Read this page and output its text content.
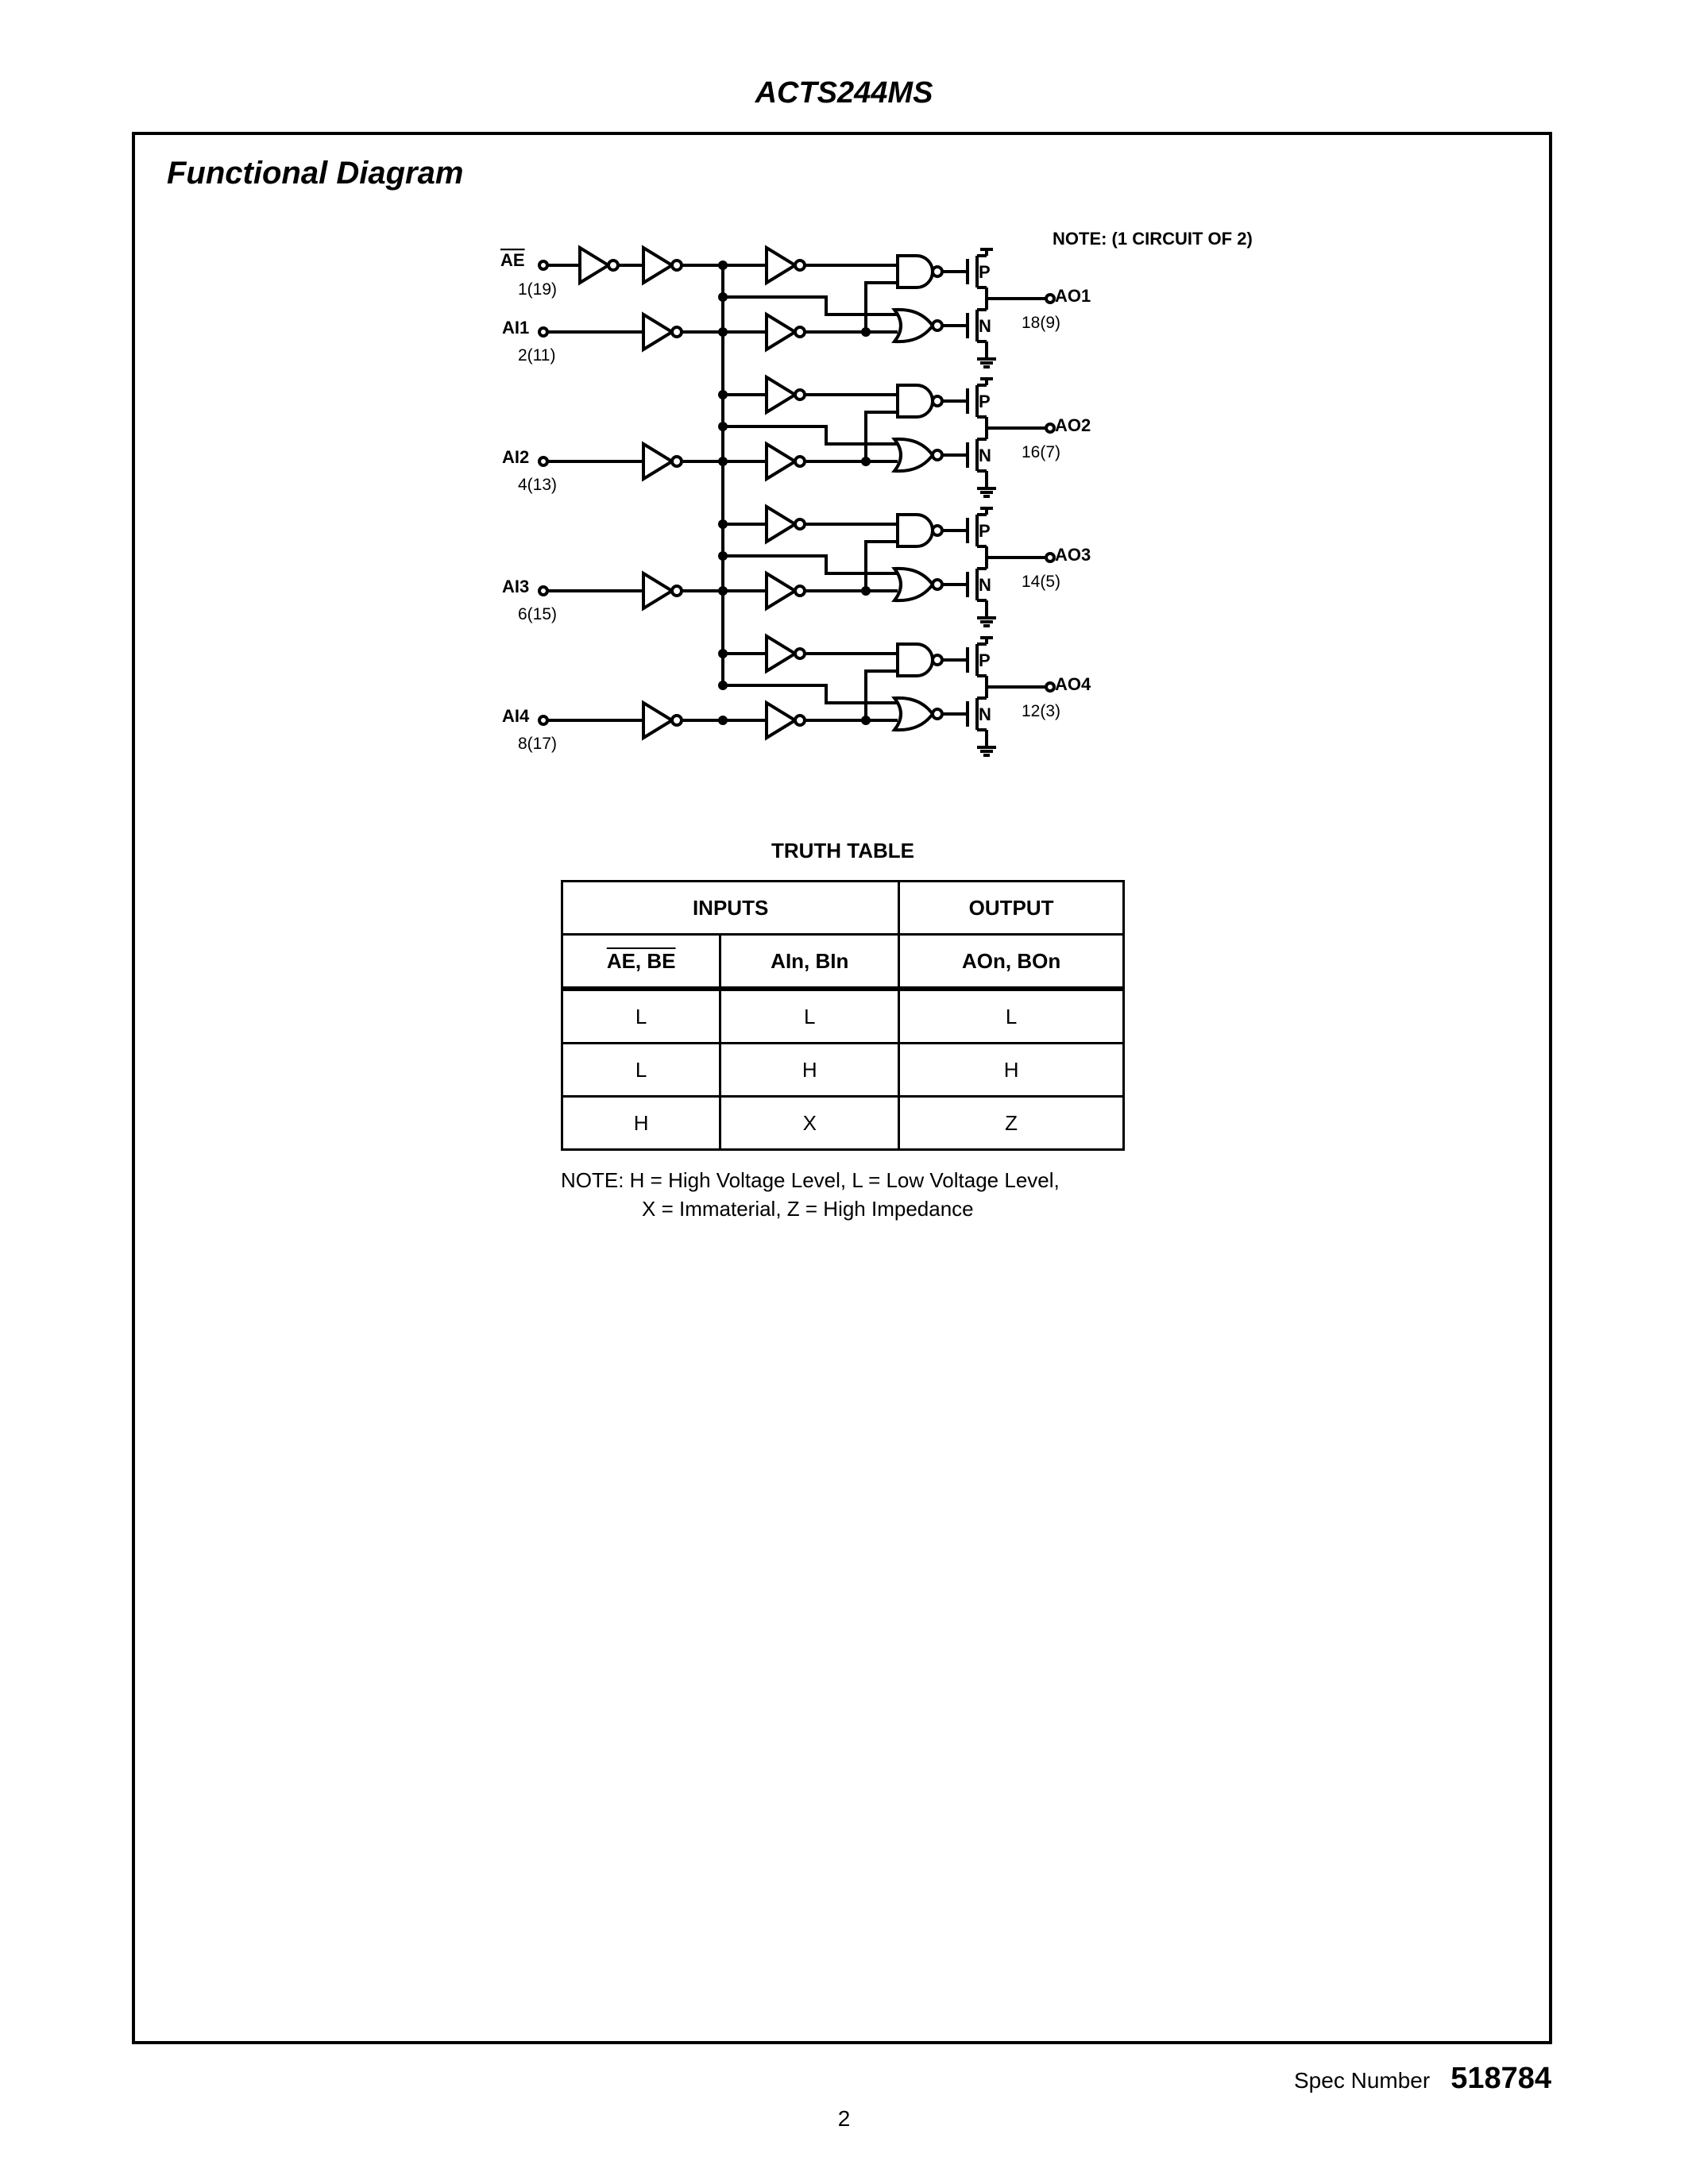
ACTS244MS
Functional Diagram
NOTE: (1 CIRCUIT OF 2)
AE
1(19)
AI1
2(11)
AI2
4(13)
AI3
6(15)
AI4
8(17)
AO1
18(9)
AO2
16(7)
AO3
14(5)
AO4
12(3)
P
N
P
N
P
N
P
N
TRUTH TABLE
INPUTS		OUTPUT
AE, BE	AIn, BIn	AOn, BOn
L	L	L
L	H	H
H	X	Z
NOTE: H = High Voltage Level, L = Low Voltage Level,
X = Immaterial, Z = High Impedance
Spec Number 518784
2
